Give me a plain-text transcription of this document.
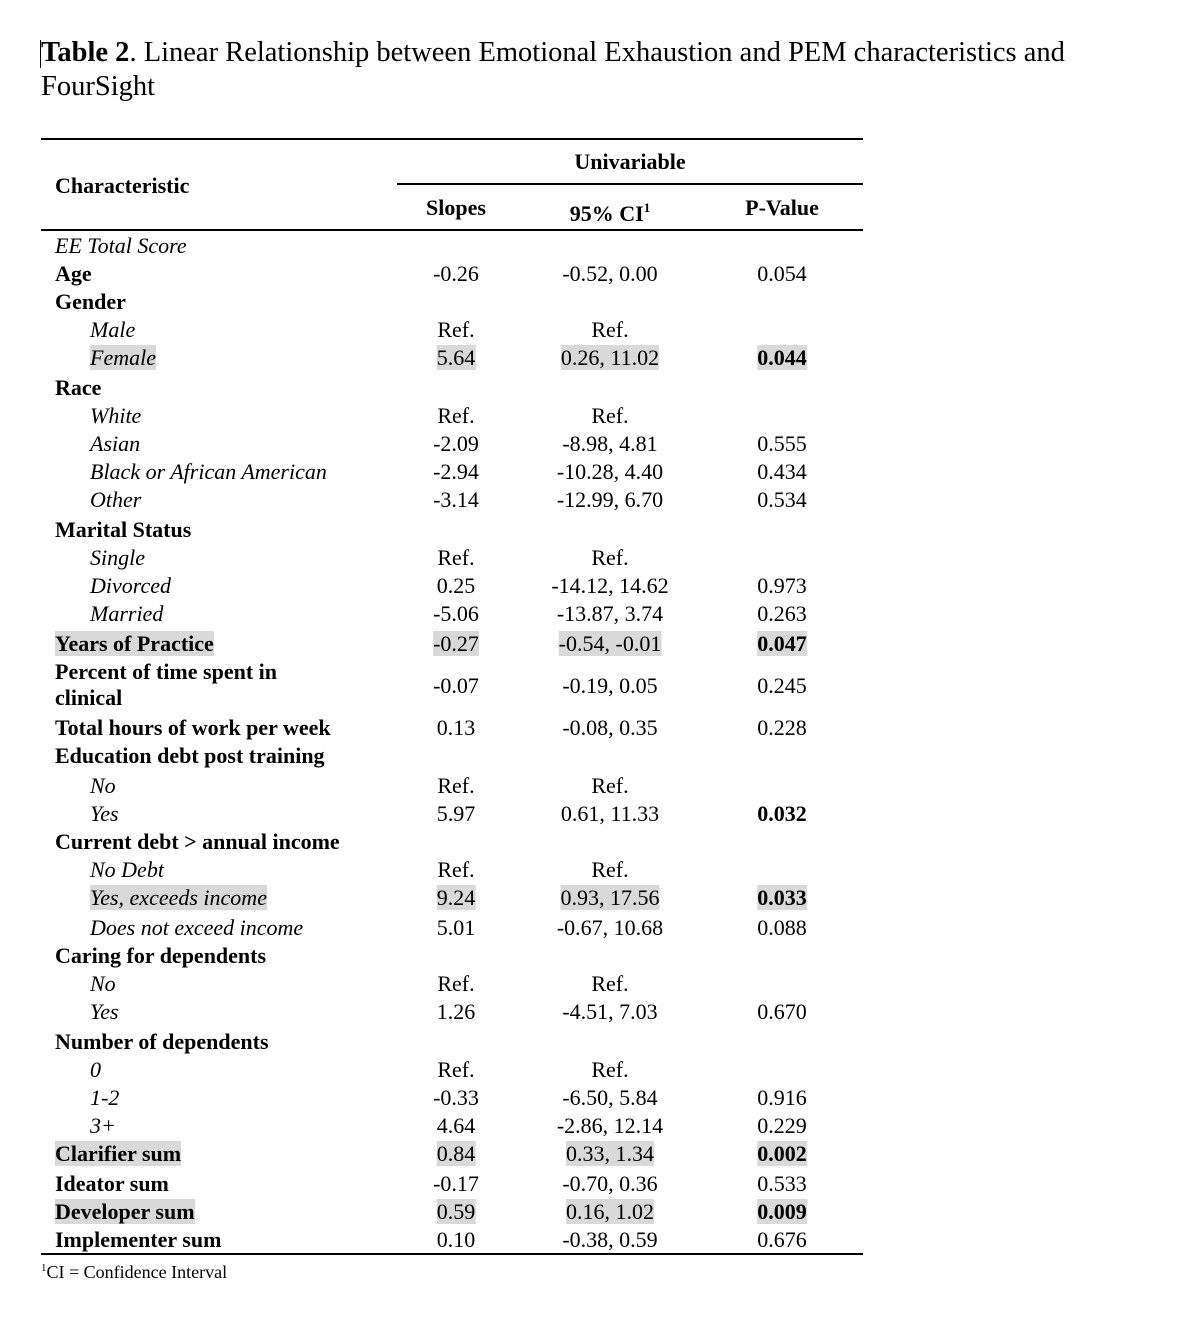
Table 2. Linear Relationship between Emotional Exhaustion and PEM characteristics and FourSight
Characteristic
Univariable
Slopes	95% $CI^1$	P-Value
EE Total Score
Age	-0.26	-0.52, 0.00	0.054
Gender
Male	Ref.	Ref.
Female	5.64	0.26, 11.02	0.044
Race
White	Ref.	Ref.
Asian	-2.09	-8.98, 4.81	0.555
Black or African American	-2.94	-10.28, 4.40	0.434
Other	-3.14	-12.99, 6.70	0.534
Marital Status
Single	Ref.	Ref.
Divorced	0.25	-14.12, 14.62	0.973
Married	-5.06	-13.87, 3.74	0.263
Years of Practice	-0.27	-0.54, -0.01	0.047
Percent of time spent in
clinical	-0.07	-0.19, 0.05	0.245
Total hours of work per week	0.13	-0.08, 0.35	0.228
Education debt post training
No	Ref.	Ref.
Yes	5.97	0.61, 11.33	0.032
Current debt > annual income
No Debt	Ref.	Ref.
Yes, exceeds income	9.24	0.93, 17.56	0.033
Does not exceed income	5.01	-0.67, 10.68	0.088
Caring for dependents
No	Ref.	Ref.
Yes	1.26	-4.51, 7.03	0.670
Number of dependents
0	Ref.	Ref.
1-2	-0.33	-6.50, 5.84	0.916
3+	4.64	-2.86, 12.14	0.229
Clarifier sum	0.84	0.33, 1.34	0.002
Ideator sum	-0.17	-0.70, 0.36	0.533
Developer sum	0.59	0.16, 1.02	0.009
Implementer sum	0.10	-0.38, 0.59	0.676
$^1$CI = Confidence Interval
